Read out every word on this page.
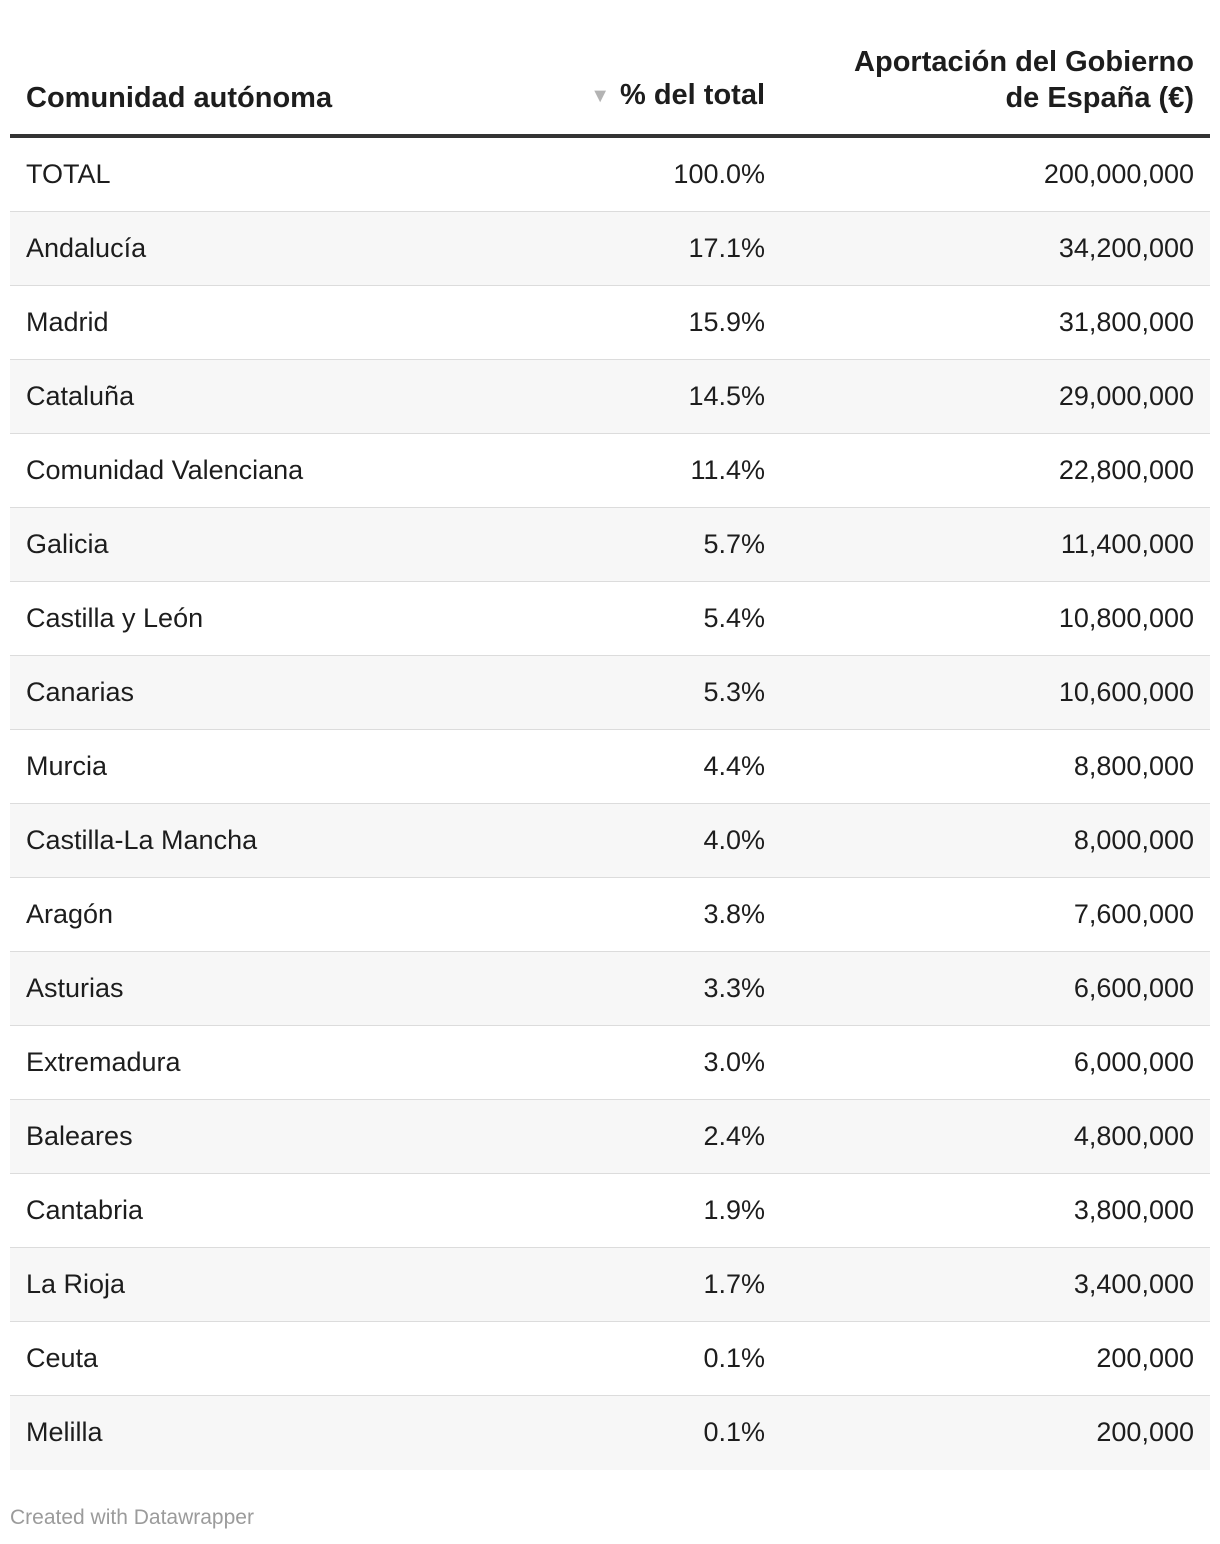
Comunidad autónoma	▼ % del total
Aportación del Gobierno
de España (€)
TOTAL	100.0%	200,000,000
Andalucía	17.1%	34,200,000
Madrid	15.9%	31,800,000
Cataluña	14.5%	29,000,000
Comunidad Valenciana	11.4%	22,800,000
Galicia	5.7%	11,400,000
Castilla y León	5.4%	10,800,000
Canarias	5.3%	10,600,000
Murcia	4.4%	8,800,000
Castilla-La Mancha	4.0%	8,000,000
Aragón	3.8%	7,600,000
Asturias	3.3%	6,600,000
Extremadura	3.0%	6,000,000
Baleares	2.4%	4,800,000
Cantabria	1.9%	3,800,000
La Rioja	1.7%	3,400,000
Ceuta	0.1%	200,000
Melilla	0.1%	200,000
Created with Datawrapper
